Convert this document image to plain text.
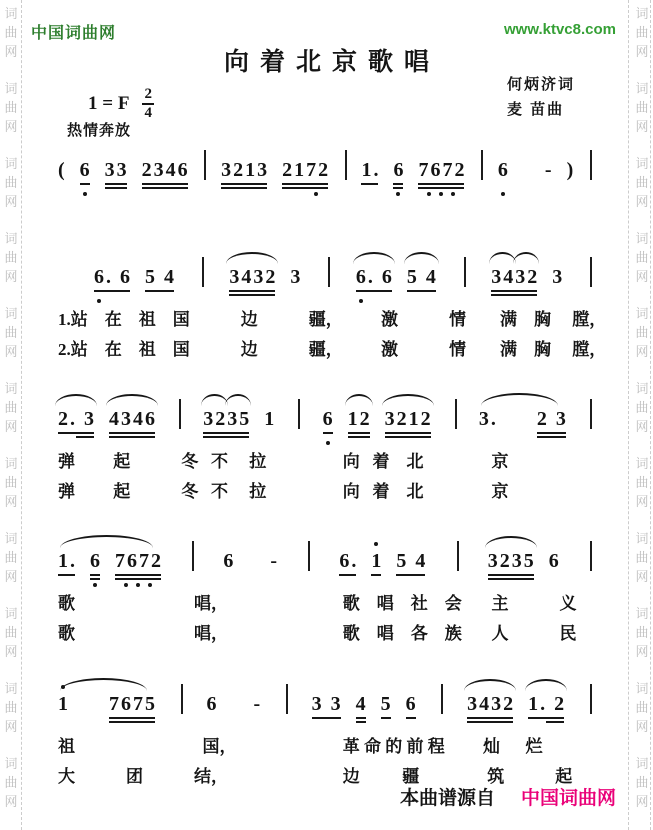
词
曲
网
词
曲
网
词
曲
网
词
曲
网
词
曲
网
词
曲
网
词
曲
网
词
曲
网
词
曲
网
词
曲
网
词
曲
网
词
曲
网
词
曲
网
词
曲
网
词
曲
网
词
曲
网
词
曲
网
词
曲
网
词
曲
网
词
曲
网
词
曲
网
词
曲
网
中国词曲网	www.ktvc8.com
向着北京歌唱
1 = F $\frac{2}{4}$
热情奔放
何炳济词
麦 苗曲
( 6 33 2346 3213 2172 1. 6 7672 6 - )
6. 6 5 4	3432 3	6. 6 5 4	3432 3
1.站    在    祖    国            边            疆，         激            情        满    胸     膛，
2.站    在    祖    国            边            疆，         激            情        满    胸     膛，
2. 3 4346 3235 1 6 12 3212 3. 2 3
弹         起            冬   不     拉                  向   着    北                京
弹         起            冬   不     拉                  向   着    北                京
1. 6 7672	6 -	6. 1 5 4	3235 6
歌                            唱，                           歌    唱    社    会       主            义
歌                            唱，                           歌    唱    各    族       人            民
1 7675 6 - 3 3 4 5 6 3432 1. 2
祖                              国，                         革 命 的 前 程         灿      烂
大            团            结，                           边          疆                筑            起
本曲谱源自 中国词曲网
